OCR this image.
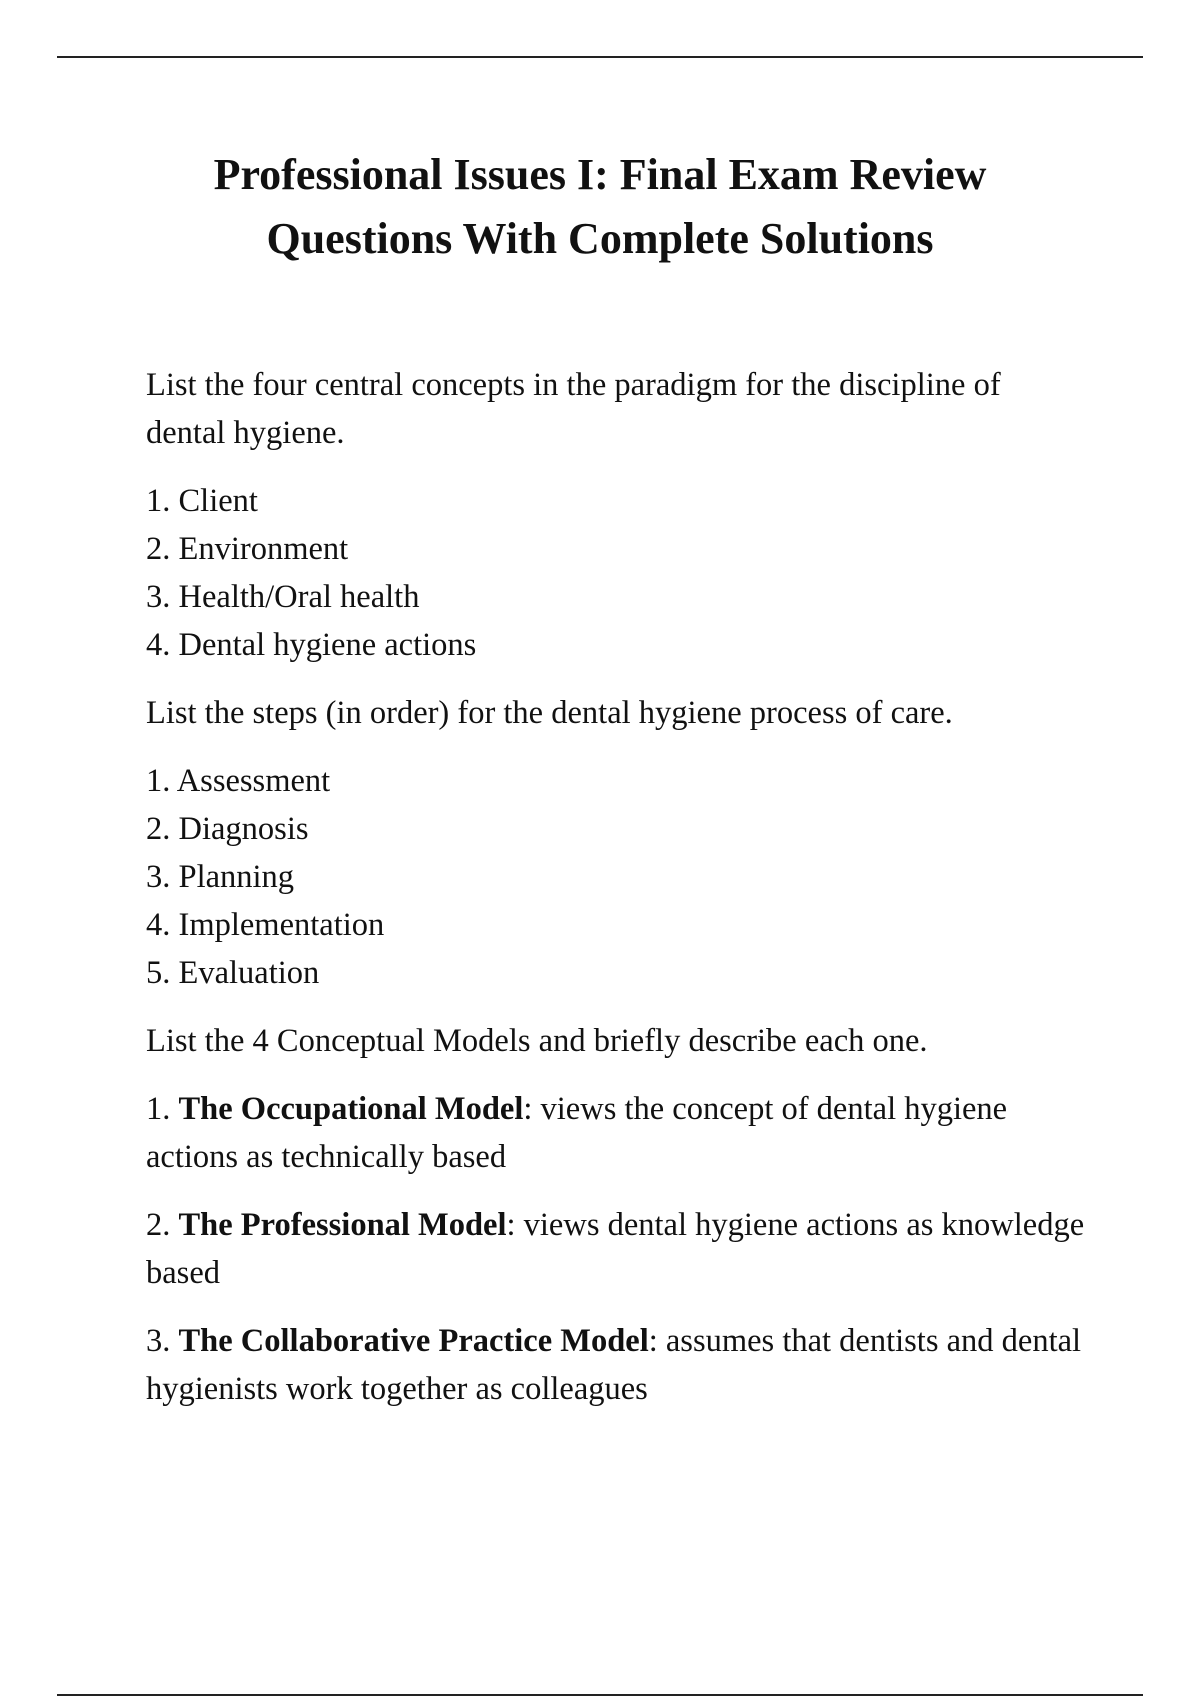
Professional Issues I: Final Exam Review
Questions With Complete Solutions

List the four central concepts in the paradigm for the discipline of dental hygiene.

1. Client
2. Environment
3. Health/Oral health
4. Dental hygiene actions

List the steps (in order) for the dental hygiene process of care.

1. Assessment
2. Diagnosis
3. Planning
4. Implementation
5. Evaluation

List the 4 Conceptual Models and briefly describe each one.

1. The Occupational Model: views the concept of dental hygiene actions as technically based

2. The Professional Model: views dental hygiene actions as knowledge based

3. The Collaborative Practice Model: assumes that dentists and dental hygienists work together as colleagues
